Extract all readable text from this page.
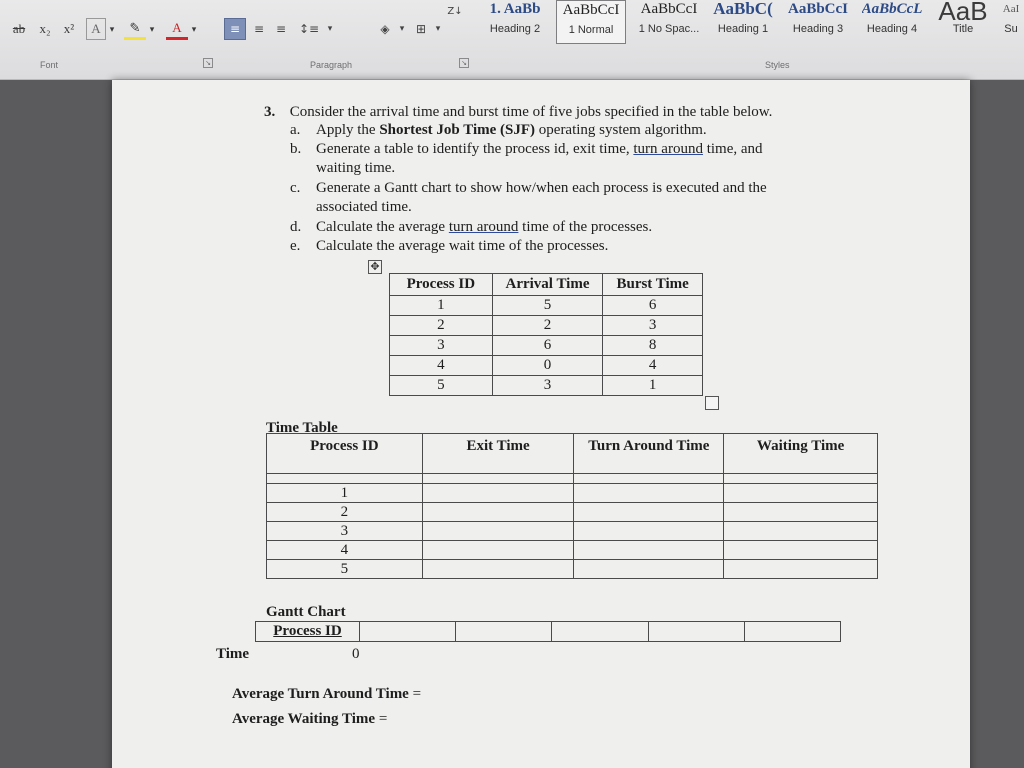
ab	x₂	x²	A	▾	✎	▾	A	▾	≡	≡ ≡	↕≡ ▾	◈	▾ ⊞	▾
Z↓ 1. AaBb
Heading 2
AaBbCcI
1 Normal
AaBbCcI
1 No Spac...
AaBbC(
Heading 1
AaBbCcI
Heading 3
AaBbCcL
Heading 4
AaB
Title
AaI
Su
Font	↘	Paragraph	↘	Styles
3. Consider the arrival time and burst time of five jobs specified in the table below.
a. Apply the Shortest Job Time (SJF) operating system algorithm.
b. Generate a table to identify the process id, exit time, turn around time, and
waiting time.
c. Generate a Gantt chart to show how/when each process is executed and the
associated time.
d. Calculate the average turn around time of the processes.
e. Calculate the average wait time of the processes.
✥
Process ID	Arrival Time	Burst Time
1	5	6
2	2	3
3	6	8
4	0	4
5	3	1
Time Table
Process ID	Exit Time	Turn Around Time	Waiting Time

1			
2			
3			
4			
5			
Gantt Chart
Process ID					
Time	0
Average Turn Around Time =
Average Waiting Time =
